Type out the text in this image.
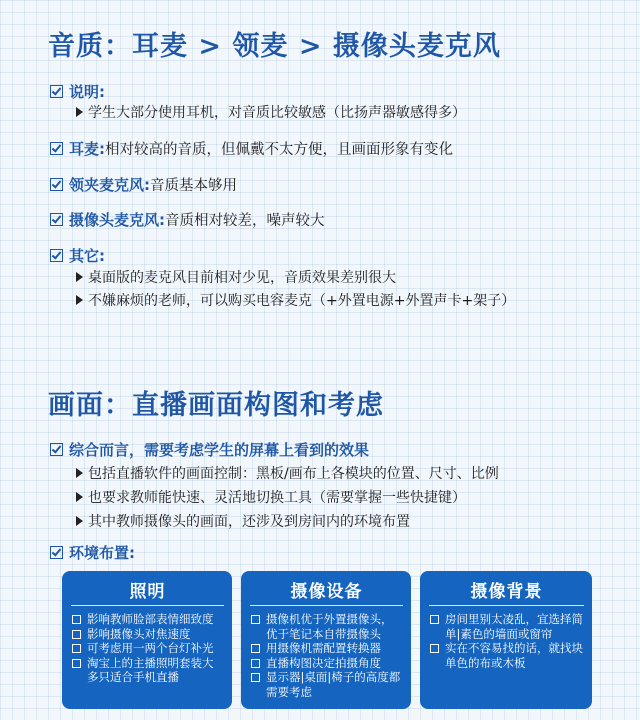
音质：耳麦 > 领麦 > 摄像头麦克风
说明:
学生大部分使用耳机，对音质比较敏感（比扬声器敏感得多）
耳麦:相对较高的音质，但佩戴不太方便，且画面形象有变化
领夹麦克风:音质基本够用
摄像头麦克风:音质相对较差，噪声较大
其它:
桌面版的麦克风目前相对少见，音质效果差别很大
不嫌麻烦的老师，可以购买电容麦克（+外置电源+外置声卡+架子）
画面：直播画面构图和考虑
综合而言，需要考虑学生的屏幕上看到的效果
包括直播软件的画面控制：黑板/画布上各模块的位置、尺寸、比例
也要求教师能快速、灵活地切换工具（需要掌握一些快捷键）
其中教师摄像头的画面，还涉及到房间内的环境布置
环境布置:
照明
影响教师脸部表情细致度
影响摄像头对焦速度
可考虑用一两个台灯补光
淘宝上的主播照明套装大多只适合手机直播
摄像设备
摄像机优于外置摄像头，优于笔记本自带摄像头
用摄像机需配置转换器
直播构图决定拍摄角度
显示器|桌面|椅子的高度都需要考虑
摄像背景
房间里别太凌乱，宜选择简单|素色的墙面或窗帘
实在不容易找的话，就找块单色的布或木板
